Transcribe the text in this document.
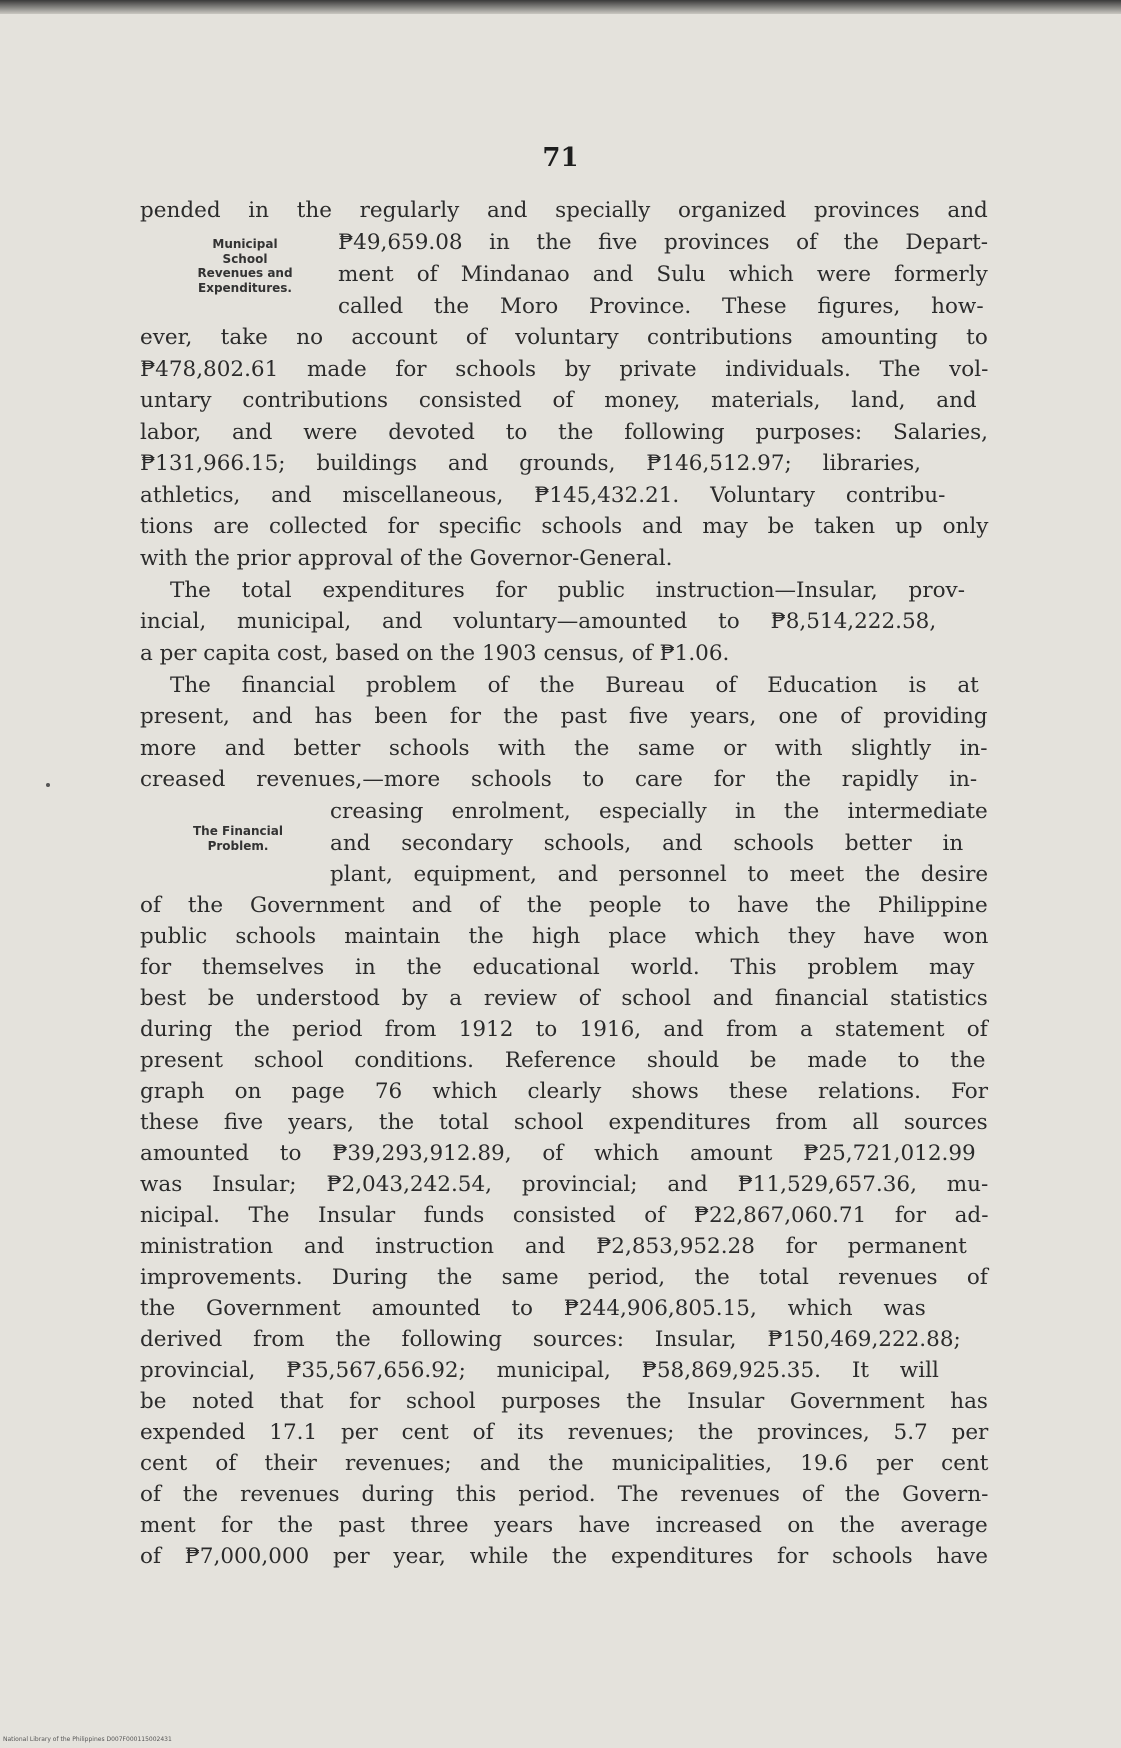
71
Municipal
School
Revenues and
Expenditures.
The Financial
Problem.
pended in the regularly and specially organized provinces and
₱49,659.08 in the five provinces of the Depart-
ment of Mindanao and Sulu which were formerly
called the Moro Province. These figures, how-
ever, take no account of voluntary contributions amounting to
₱478,802.61 made for schools by private individuals. The vol-
untary contributions consisted of money, materials, land, and
labor, and were devoted to the following purposes: Salaries,
₱131,966.15; buildings and grounds, ₱146,512.97; libraries,
athletics, and miscellaneous, ₱145,432.21. Voluntary contribu-
tions are collected for specific schools and may be taken up only
with the prior approval of the Governor-General.
The total expenditures for public instruction—Insular, prov-
incial, municipal, and voluntary—amounted to ₱8,514,222.58,
a per capita cost, based on the 1903 census, of ₱1.06.
The financial problem of the Bureau of Education is at
present, and has been for the past five years, one of providing
more and better schools with the same or with slightly in-
creased revenues,—more schools to care for the rapidly in-
creasing enrolment, especially in the intermediate
and secondary schools, and schools better in
plant, equipment, and personnel to meet the desire
of the Government and of the people to have the Philippine
public schools maintain the high place which they have won
for themselves in the educational world. This problem may
best be understood by a review of school and financial statistics
during the period from 1912 to 1916, and from a statement of
present school conditions. Reference should be made to the
graph on page 76 which clearly shows these relations. For
these five years, the total school expenditures from all sources
amounted to ₱39,293,912.89, of which amount ₱25,721,012.99
was Insular; ₱2,043,242.54, provincial; and ₱11,529,657.36, mu-
nicipal. The Insular funds consisted of ₱22,867,060.71 for ad-
ministration and instruction and ₱2,853,952.28 for permanent
improvements. During the same period, the total revenues of
the Government amounted to ₱244,906,805.15, which was
derived from the following sources: Insular, ₱150,469,222.88;
provincial, ₱35,567,656.92; municipal, ₱58,869,925.35. It will
be noted that for school purposes the Insular Government has
expended 17.1 per cent of its revenues; the provinces, 5.7 per
cent of their revenues; and the municipalities, 19.6 per cent
of the revenues during this period. The revenues of the Govern-
ment for the past three years have increased on the average
of ₱7,000,000 per year, while the expenditures for schools have
National Library of the Philippines D007F000115002431
